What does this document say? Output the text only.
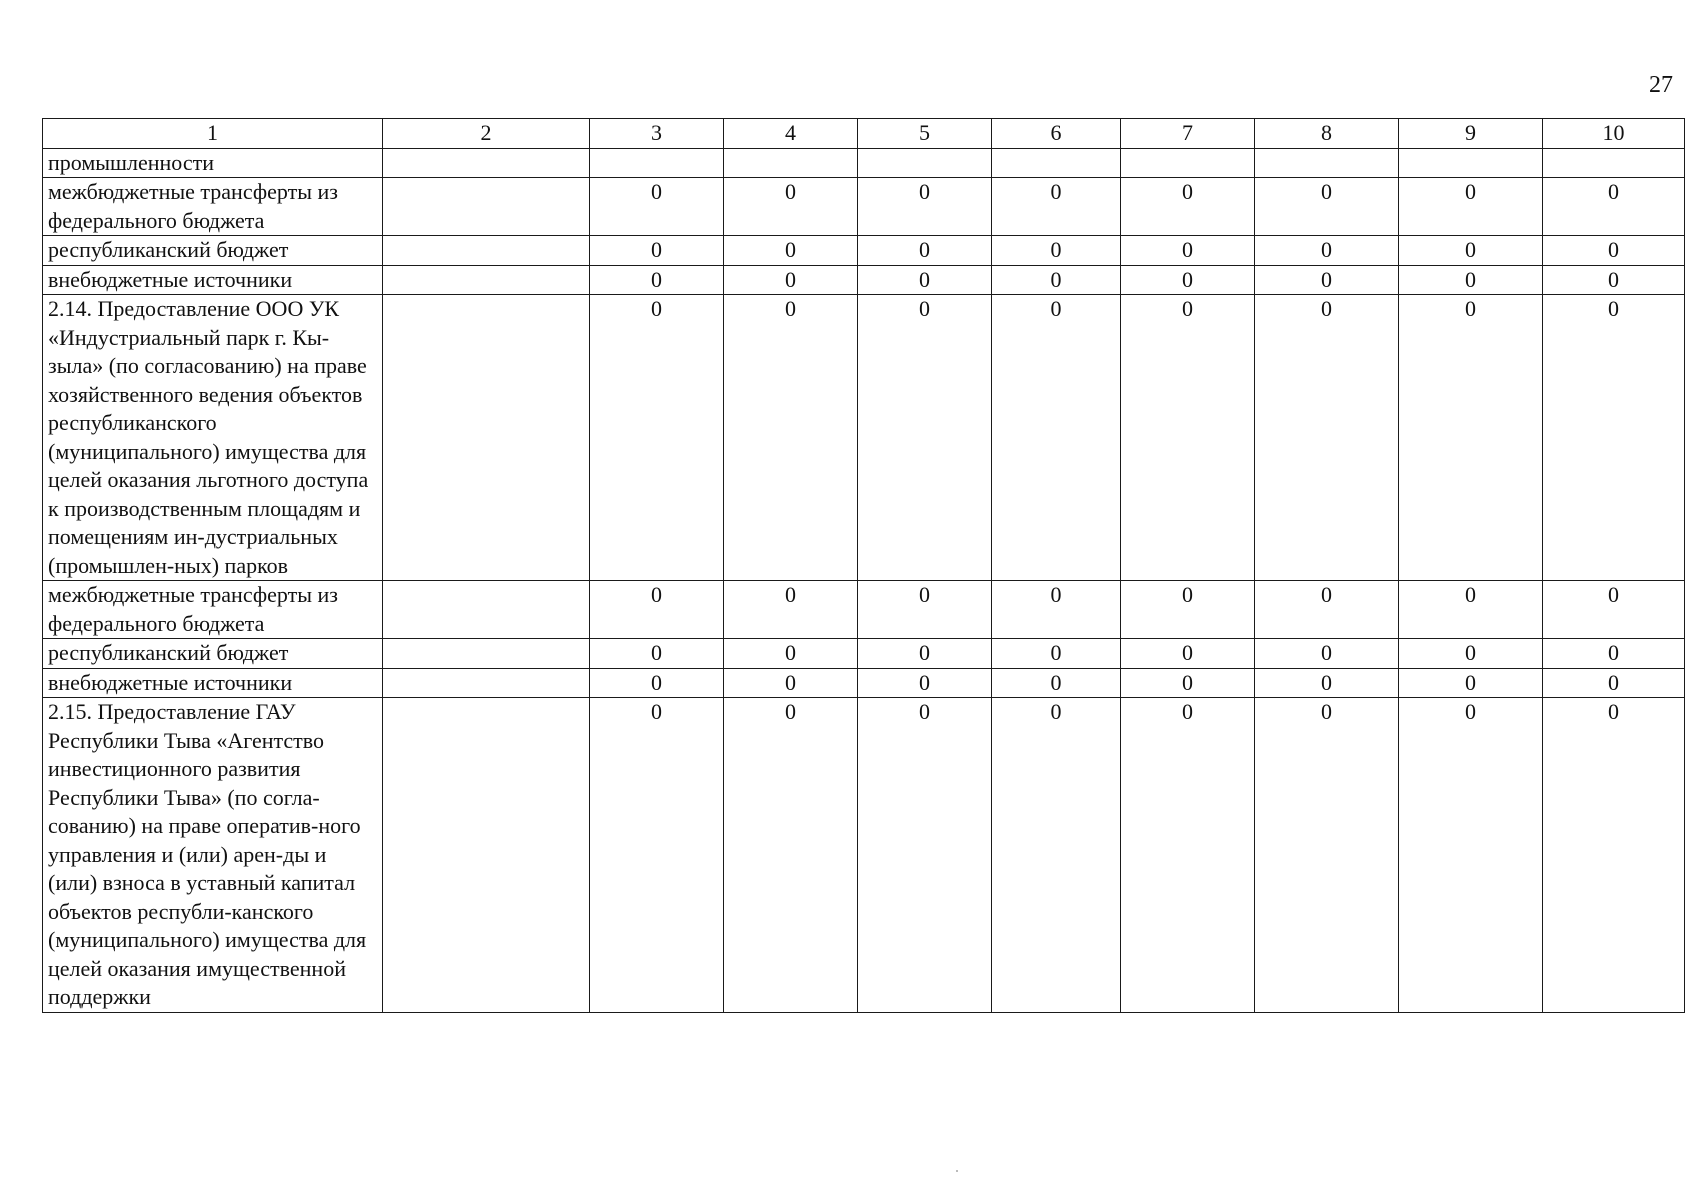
27
1	2	3	4	5	6	7	8	9	10
промышленности									
межбюджетные трансферты из федерального бюджета		0	0	0	0	0	0	0	0
республиканский бюджет		0	0	0	0	0	0	0	0
внебюджетные источники		0	0	0	0	0	0	0	0
2.14. Предоставление ООО УК «Индустриальный парк г. Кы-зыла» (по согласованию) на праве хозяйственного ведения объектов республиканского (муниципального) имущества для целей оказания льготного доступа к производственным площадям и помещениям ин-дустриальных (промышлен-ных) парков		0	0	0	0	0	0	0	0
межбюджетные трансферты из федерального бюджета		0	0	0	0	0	0	0	0
республиканский бюджет		0	0	0	0	0	0	0	0
внебюджетные источники		0	0	0	0	0	0	0	0
2.15. Предоставление ГАУ Республики Тыва «Агентство инвестиционного развития Республики Тыва» (по согла-сованию) на праве оператив-ного управления и (или) арен-ды и (или) взноса в уставный капитал объектов республи-канского (муниципального) имущества для целей оказания имущественной поддержки		0	0	0	0	0	0	0	0
